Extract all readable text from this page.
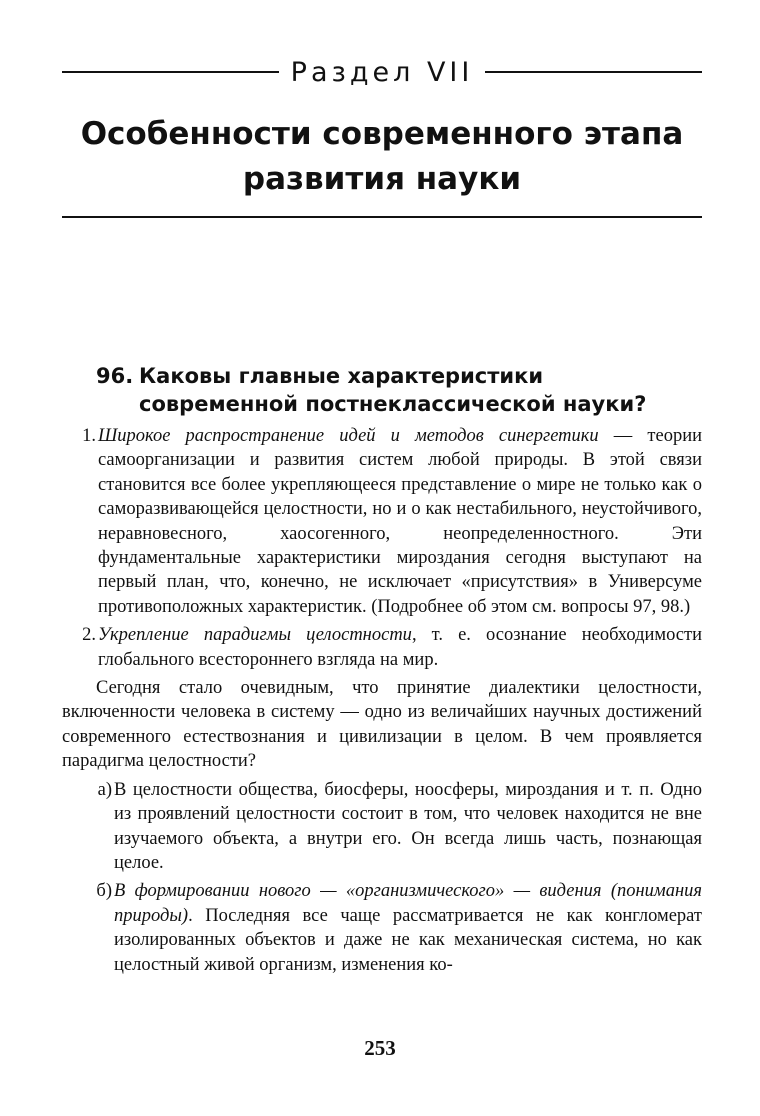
Раздел VII
Особенности современного этапа
развития науки
96. Каковы главные характеристики современной постнеклассической науки?
1. Широкое распространение идей и методов синергетики — теории самоорганизации и развития систем любой природы. В этой связи становится все более укрепляющееся представление о мире не только как о саморазвивающейся целостности, но и о как нестабильного, неустойчивого, неравновесного, хаосогенного, неопределенностного. Эти фундаментальные характеристики мироздания сегодня выступают на первый план, что, конечно, не исключает «присутствия» в Универсуме противоположных характеристик. (Подробнее об этом см. вопросы 97, 98.)
2. Укрепление парадигмы целостности, т. е. осознание необходимости глобального всестороннего взгляда на мир.
Сегодня стало очевидным, что принятие диалектики целостности, включенности человека в систему — одно из величайших научных достижений современного естествознания и цивилизации в целом. В чем проявляется парадигма целостности?
а) В целостности общества, биосферы, ноосферы, мироздания и т. п. Одно из проявлений целостности состоит в том, что человек находится не вне изучаемого объекта, а внутри его. Он всегда лишь часть, познающая целое.
б) В формировании нового — «организмического» — видения (понимания природы). Последняя все чаще рассматривается не как конгломерат изолированных объектов и даже не как механическая система, но как целостный живой организм, изменения ко-
253
